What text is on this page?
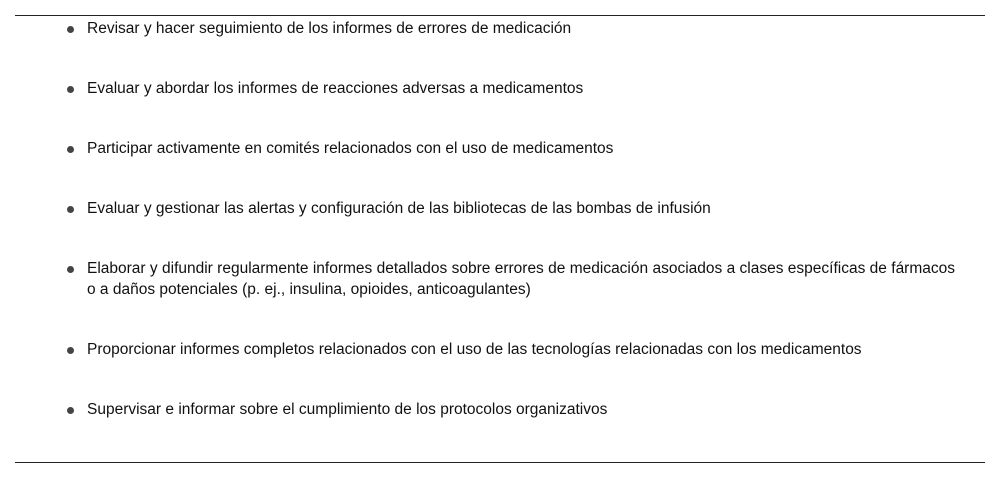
Revisar y hacer seguimiento de los informes de errores de medicación
Evaluar y abordar los informes de reacciones adversas a medicamentos
Participar activamente en comités relacionados con el uso de medicamentos
Evaluar y gestionar las alertas y configuración de las bibliotecas de las bombas de infusión
Elaborar y difundir regularmente informes detallados sobre errores de medicación asociados a clases específicas de fármacos o a daños potenciales (p. ej., insulina, opioides, anticoagulantes)
Proporcionar informes completos relacionados con el uso de las tecnologías relacionadas con los medicamentos
Supervisar e informar sobre el cumplimiento de los protocolos organizativos
